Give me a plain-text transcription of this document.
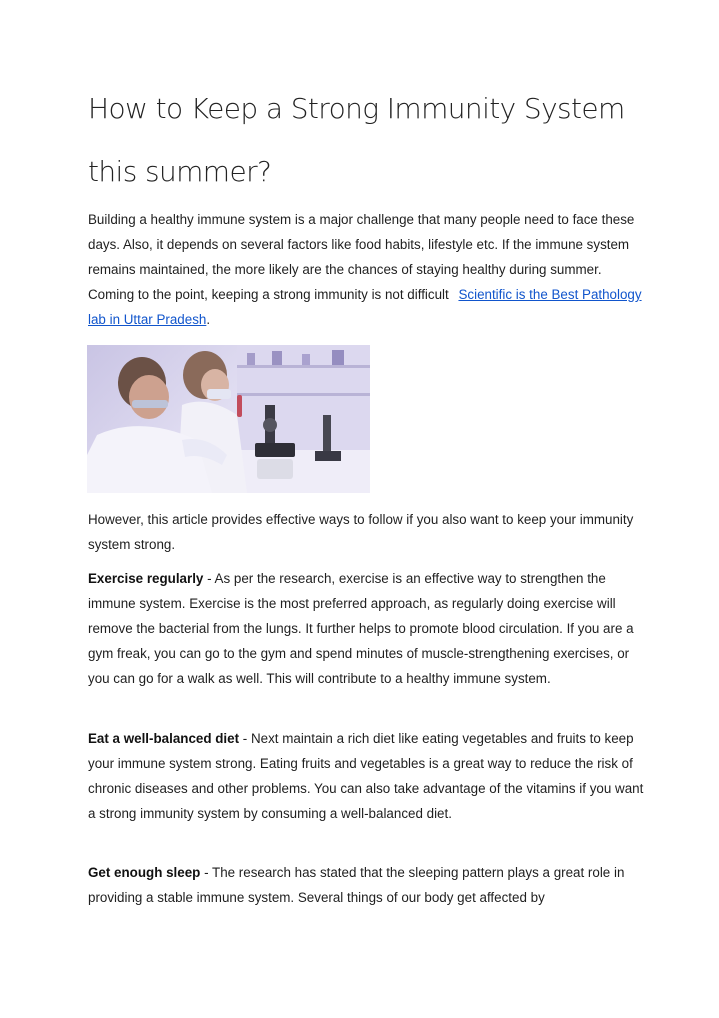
How to Keep a Strong Immunity System
this summer?

Building a healthy immune system is a major challenge that many people need to face these days. Also, it depends on several factors like food habits, lifestyle etc. If the immune system remains maintained, the more likely are the chances of staying healthy during summer. Coming to the point, keeping a strong immunity is not difficult Scientific is the Best Pathology lab in Uttar Pradesh.

However, this article provides effective ways to follow if you also want to keep your immunity system strong.

Exercise regularly - As per the research, exercise is an effective way to strengthen the immune system. Exercise is the most preferred approach, as regularly doing exercise will remove the bacterial from the lungs. It further helps to promote blood circulation. If you are a gym freak, you can go to the gym and spend minutes of muscle-strengthening exercises, or you can go for a walk as well. This will contribute to a healthy immune system.

Eat a well-balanced diet - Next maintain a rich diet like eating vegetables and fruits to keep your immune system strong. Eating fruits and vegetables is a great way to reduce the risk of chronic diseases and other problems. You can also take advantage of the vitamins if you want a strong immunity system by consuming a well-balanced diet.

Get enough sleep - The research has stated that the sleeping pattern plays a great role in providing a stable immune system. Several things of our body get affected by
